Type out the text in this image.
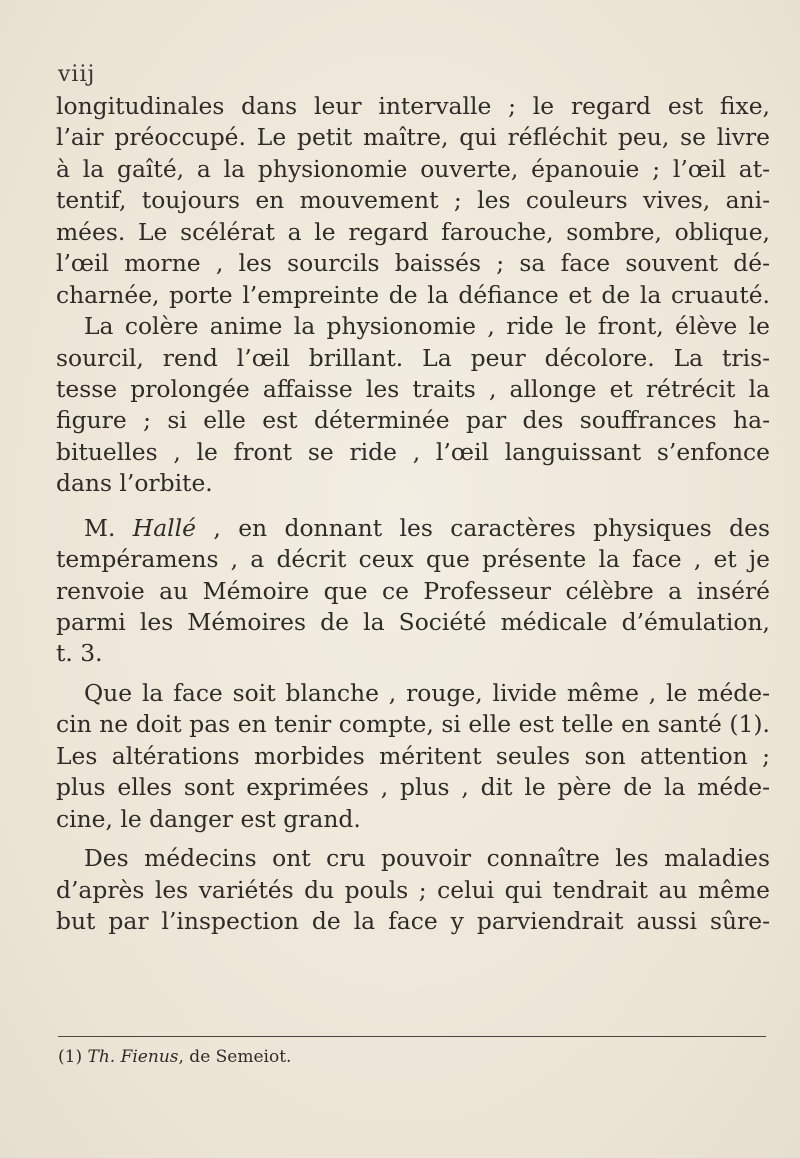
viij
longitudinales dans leur intervalle ; le regard est fixe,
l’air préoccupé. Le petit maître, qui réfléchit peu, se livre
à la gaîté, a la physionomie ouverte, épanouie ; l’œil at-
tentif, toujours en mouvement ; les couleurs vives, ani-
mées. Le scélérat a le regard farouche, sombre, oblique,
l’œil morne , les sourcils baissés ; sa face souvent dé-
charnée, porte l’empreinte de la défiance et de la cruauté.
La colère anime la physionomie , ride le front, élève le
sourcil, rend l’œil brillant. La peur décolore. La tris-
tesse prolongée affaisse les traits , allonge et rétrécit la
figure ; si elle est déterminée par des souffrances ha-
bituelles , le front se ride , l’œil languissant s’enfonce
dans l’orbite.
M. Hallé , en donnant les caractères physiques des
tempéramens , a décrit ceux que présente la face , et je
renvoie au Mémoire que ce Professeur célèbre a inséré
parmi les Mémoires de la Société médicale d’émulation,
t. 3.
Que la face soit blanche , rouge, livide même , le méde-
cin ne doit pas en tenir compte, si elle est telle en santé (1).
Les altérations morbides méritent seules son attention ;
plus elles sont exprimées , plus , dit le père de la méde-
cine, le danger est grand.
Des médecins ont cru pouvoir connaître les maladies
d’après les variétés du pouls ; celui qui tendrait au même
but par l’inspection de la face y parviendrait aussi sûre-
(1) Th. Fienus, de Semeiot.
